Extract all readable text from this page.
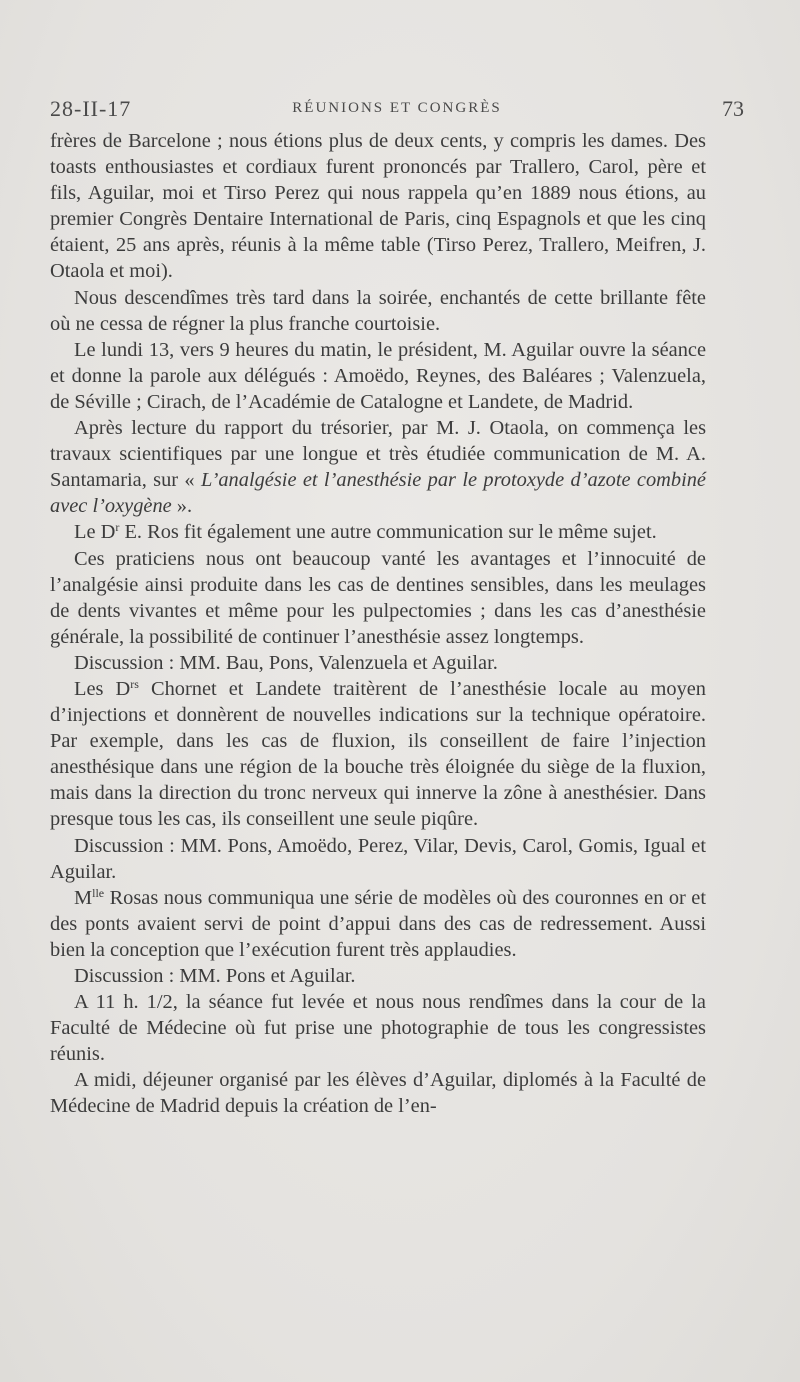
28-II-17	RÉUNIONS ET CONGRÈS	73

frères de Barcelone ; nous étions plus de deux cents, y compris les dames. Des toasts enthousiastes et cordiaux furent prononcés par Trallero, Carol, père et fils, Aguilar, moi et Tirso Perez qui nous rappela qu’en 1889 nous étions, au premier Congrès Dentaire International de Paris, cinq Espagnols et que les cinq étaient, 25 ans après, réunis à la même table (Tirso Perez, Trallero, Meifren, J. Otaola et moi).

Nous descendîmes très tard dans la soirée, enchantés de cette brillante fête où ne cessa de régner la plus franche courtoisie.

Le lundi 13, vers 9 heures du matin, le président, M. Aguilar ouvre la séance et donne la parole aux délégués : Amoëdo, Reynes, des Baléares ; Valenzuela, de Séville ; Cirach, de l’Académie de Catalogne et Landete, de Madrid.

Après lecture du rapport du trésorier, par M. J. Otaola, on commença les travaux scientifiques par une longue et très étudiée communication de M. A. Santamaria, sur « L’analgésie et l’anesthésie par le protoxyde d’azote combiné avec l’oxygène ».

Le $D^r$ E. Ros fit également une autre communication sur le même sujet.

Ces praticiens nous ont beaucoup vanté les avantages et l’innocuité de l’analgésie ainsi produite dans les cas de dentines sensibles, dans les meulages de dents vivantes et même pour les pulpectomies ; dans les cas d’anesthésie générale, la possibilité de continuer l’anesthésie assez longtemps.

Discussion : MM. Bau, Pons, Valenzuela et Aguilar.

Les $D^{rs}$ Chornet et Landete traitèrent de l’anesthésie locale au moyen d’injections et donnèrent de nouvelles indications sur la technique opératoire. Par exemple, dans les cas de fluxion, ils conseillent de faire l’injection anesthésique dans une région de la bouche très éloignée du siège de la fluxion, mais dans la direction du tronc nerveux qui innerve la zône à anesthésier. Dans presque tous les cas, ils conseillent une seule piqûre.

Discussion : MM. Pons, Amoëdo, Perez, Vilar, Devis, Carol, Gomis, Igual et Aguilar.

$M^{lle}$ Rosas nous communiqua une série de modèles où des couronnes en or et des ponts avaient servi de point d’appui dans des cas de redressement. Aussi bien la conception que l’exécution furent très applaudies.

Discussion : MM. Pons et Aguilar.

A 11 h. 1/2, la séance fut levée et nous nous rendîmes dans la cour de la Faculté de Médecine où fut prise une photographie de tous les congressistes réunis.

A midi, déjeuner organisé par les élèves d’Aguilar, diplomés à la Faculté de Médecine de Madrid depuis la création de l’en-
